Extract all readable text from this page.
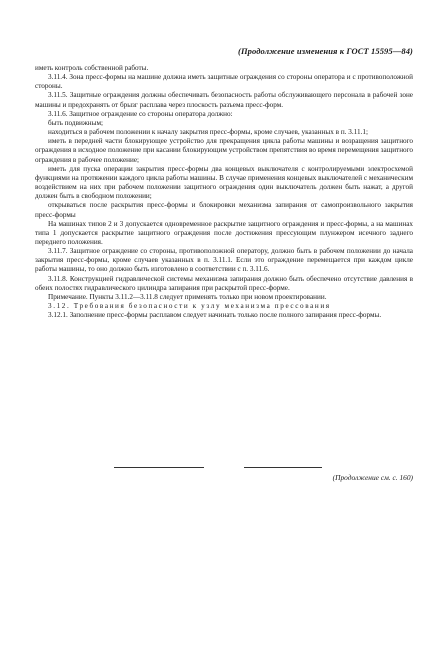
(Продолжение изменения к ГОСТ 15595—84)

иметь контроль собственной работы.

3.11.4. Зона пресс-формы на машине должна иметь защитные ограждения со стороны оператора и с противоположной стороны.

3.11.5. Защитные ограждения должны обеспечивать безопасность работы обслуживающего персонала в рабочей зоне машины и предохранять от брызг расплава через плоскость разъема пресс-форм.

3.11.6. Защитное ограждение со стороны оператора должно:

быть подвижным;

находиться в рабочем положении к началу закрытия пресс-формы, кроме случаев, указанных в п. 3.11.1;

иметь в передней части блокирующее устройство для прекращения цикла работы машины и возращения защитного ограждения в исходное положение при касании блокирующим устройством препятствия во время перемещения защитного ограждения в рабочее положение;

иметь для пуска операции закрытия пресс-формы два концевых выключателя с контролируемыми электросхемой функциями на протяжении каждого цикла работы машины. В случае применения концевых выключателей с механическим воздействием на них при рабочем положении защитного ограждения один выключатель должен быть нажат, а другой должен быть в свободном положении;

открываться после раскрытия пресс-формы и блокировки механизма запирания от самопроизвольного закрытия пресс-формы

На машинах типов 2 и 3 допускается одновременное раскрытие защитного ограждения и пресс-формы, а на машинах типа 1 допускается раскрытие защитного ограждения после достижения прессующим плунжером исечного заднего переднего положения.

3.11.7. Защитное ограждение со стороны, противоположной оператору, должно быть в рабочем положении до начала закрытия пресс-формы, кроме случаев указанных в п. 3.11.1. Если это ограждение перемещается при каждом цикле работы машины, то оно должно быть изготовлено в соответствии с п. 3.11.6.

3.11.8. Конструкцией гидравлической системы механизма запирания должно быть обеспечено отсутствие давления в обеих полостях гидравлического цилиндра запирания при раскрытой пресс-форме.

Примечание. Пункты 3.11.2—3.11.8 следует применять только при новом проектировании.

3.12. Требования безопасности к узлу механизма прессования

3.12.1. Заполнение пресс-формы расплавом следует начинать только после полного запирания пресс-формы.

(Продолжение см. с. 160)
